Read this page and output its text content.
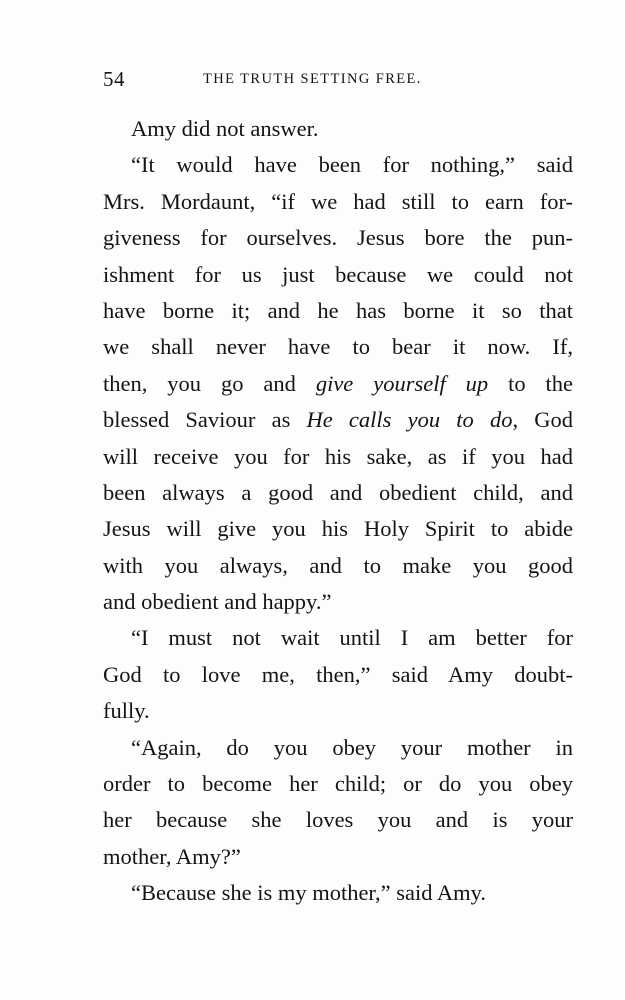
54	THE TRUTH SETTING FREE.
Amy did not answer.
“It would have been for nothing,” said
Mrs. Mordaunt, “if we had still to earn for-
giveness for ourselves. Jesus bore the pun-
ishment for us just because we could not
have borne it; and he has borne it so that
we shall never have to bear it now. If,
then, you go and give yourself up to the
blessed Saviour as He calls you to do, God
will receive you for his sake, as if you had
been always a good and obedient child, and
Jesus will give you his Holy Spirit to abide
with you always, and to make you good
and obedient and happy.”
“I must not wait until I am better for
God to love me, then,” said Amy doubt-
fully.
“Again, do you obey your mother in
order to become her child; or do you obey
her because she loves you and is your
mother, Amy?”
“Because she is my mother,” said Amy.
